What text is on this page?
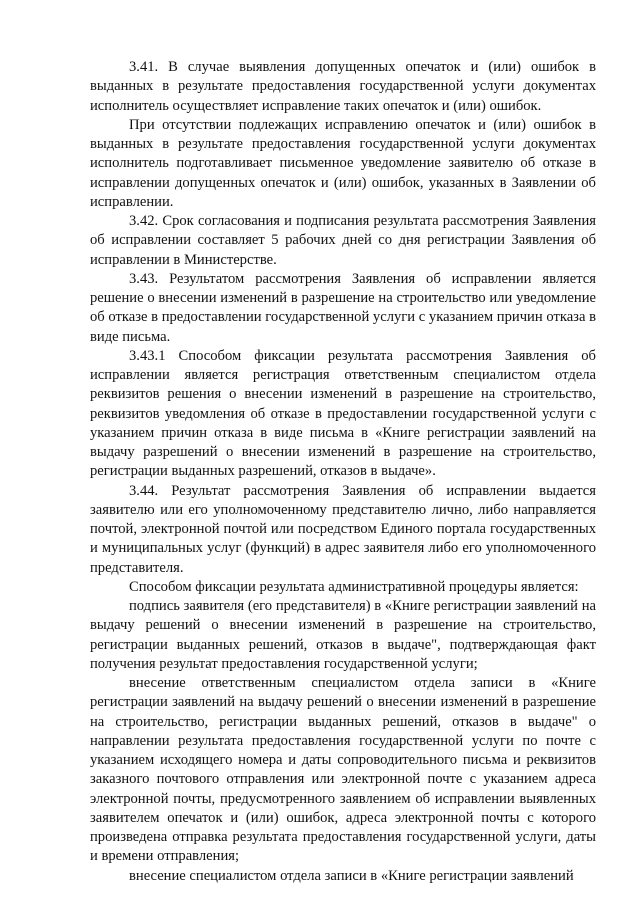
3.41. В случае выявления допущенных опечаток и (или) ошибок в выданных в результате предоставления государственной услуги документах исполнитель осуществляет исправление таких опечаток и (или) ошибок.

При отсутствии подлежащих исправлению опечаток и (или) ошибок в выданных в результате предоставления государственной услуги документах исполнитель подготавливает письменное уведомление заявителю об отказе в исправлении допущенных опечаток и (или) ошибок, указанных в Заявлении об исправлении.

3.42. Срок согласования и подписания результата рассмотрения Заявления об исправлении составляет 5 рабочих дней со дня регистрации Заявления об исправлении в Министерстве.

3.43. Результатом рассмотрения Заявления об исправлении является решение о внесении изменений в разрешение на строительство или уведомление об отказе в предоставлении государственной услуги с указанием причин отказа в виде письма.

3.43.1 Способом фиксации результата рассмотрения Заявления об исправлении является регистрация ответственным специалистом отдела реквизитов решения о внесении изменений в разрешение на строительство, реквизитов уведомления об отказе в предоставлении государственной услуги с указанием причин отказа в виде письма в «Книге регистрации заявлений на выдачу разрешений о внесении изменений в разрешение на строительство, регистрации выданных разрешений, отказов в выдаче».

3.44. Результат рассмотрения Заявления об исправлении выдается заявителю или его уполномоченному представителю лично, либо направляется почтой, электронной почтой или посредством Единого портала государственных и муниципальных услуг (функций) в адрес заявителя либо его уполномоченного представителя.

Способом фиксации результата административной процедуры является:

подпись заявителя (его представителя) в «Книге регистрации заявлений на выдачу решений о внесении изменений в разрешение на строительство, регистрации выданных решений, отказов в выдаче", подтверждающая факт получения результат предоставления государственной услуги;

внесение ответственным специалистом отдела записи в «Книге регистрации заявлений на выдачу решений о внесении изменений в разрешение на строительство, регистрации выданных решений, отказов в выдаче" о направлении результата предоставления государственной услуги по почте с указанием исходящего номера и даты сопроводительного письма и реквизитов заказного почтового отправления или электронной почте с указанием адреса электронной почты, предусмотренного заявлением об исправлении выявленных заявителем опечаток и (или) ошибок, адреса электронной почты с которого произведена отправка результата предоставления государственной услуги, даты и времени отправления;

внесение специалистом отдела записи в «Книге регистрации заявлений
